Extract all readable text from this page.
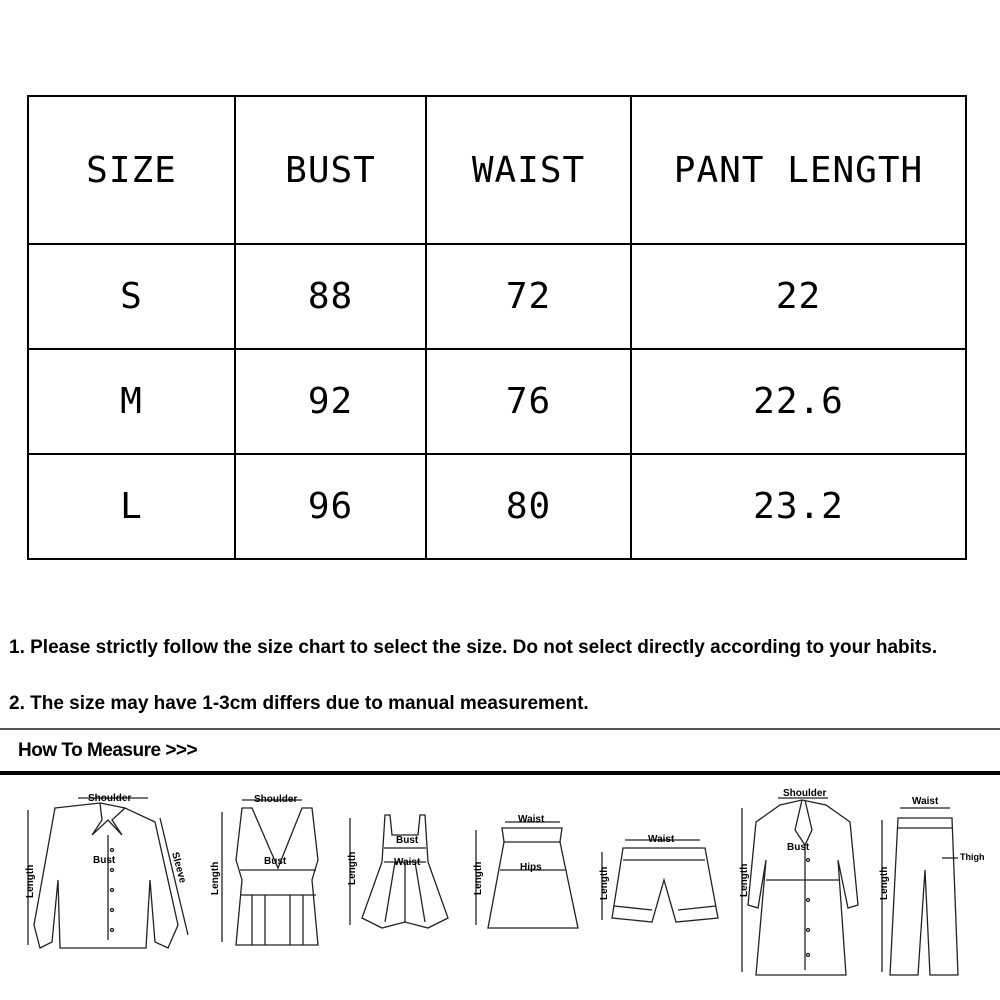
SIZE	BUST	WAIST	PANT LENGTH
S	88	72	22
M	92	76	22.6
L	96	80	23.2
1. Please strictly follow the size chart to select the size. Do not select directly according to your habits.
2. The size may have 1-3cm differs due to manual measurement.
How To Measure >>>
Shoulder
Bust
Length	Sleeve
Shoulder
Bust
Length
Bust
Waist
Length
Waist
Hips
Length
Waist
Length
Shoulder
Bust
Length
Waist
Thigh
Length
